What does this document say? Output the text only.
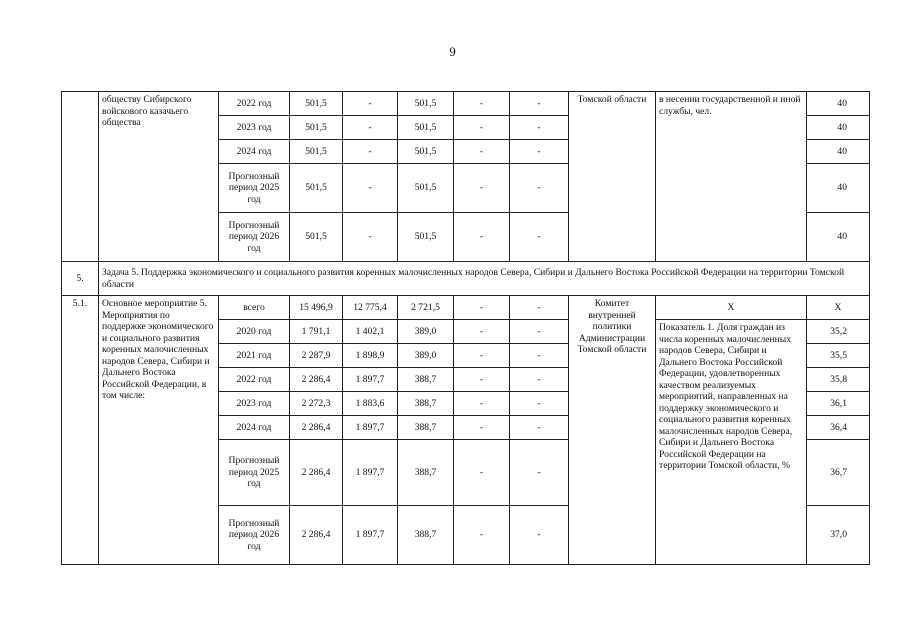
9
	обществу Сибирского войскового казачьего общества	2022 год	501,5	-	501,5	-	-	Томской области	в несении государственной и иной службы, чел.	40
		2023 год	501,5	-	501,5	-	-			40
		2024 год	501,5	-	501,5	-	-			40
		Прогнозный период 2025 год	501,5	-	501,5	-	-			40
		Прогнозный период 2026 год	501,5	-	501,5	-	-			40
5.	Задача 5. Поддержка экономического и социального развития коренных малочисленных народов Севера, Сибири и Дальнего Востока Российской Федерации на территории Томской области									
5.1.	Основное мероприятие 5. Мероприятия по поддержке экономического и социального развития коренных малочисленных народов Севера, Сибири и Дальнего Востока Российской Федерации, в том числе:	всего	15 496,9	12 775,4	2 721,5	-	-	Комитет внутренней политики Администрации Томской области	Х	Х
		2020 год	1 791,1	1 402,1	389,0	-	-		Показатель 1. Доля граждан из числа коренных малочисленных народов Севера, Сибири и Дальнего Востока Российской Федерации, удовлетворенных качеством реализуемых мероприятий, направленных на поддержку экономического и социального развития коренных малочисленных народов Севера, Сибири и Дальнего Востока Российской Федерации на территории Томской области, %	35,2
		2021 год	2 287,9	1 898,9	389,0	-	-			35,5
		2022 год	2 286,4	1 897,7	388,7	-	-			35,8
		2023 год	2 272,3	1 883,6	388,7	-	-			36,1
		2024 год	2 286,4	1 897,7	388,7	-	-			36,4
		Прогнозный период 2025 год	2 286,4	1 897,7	388,7	-	-			36,7
		Прогнозный период 2026 год	2 286,4	1 897,7	388,7	-	-			37,0
